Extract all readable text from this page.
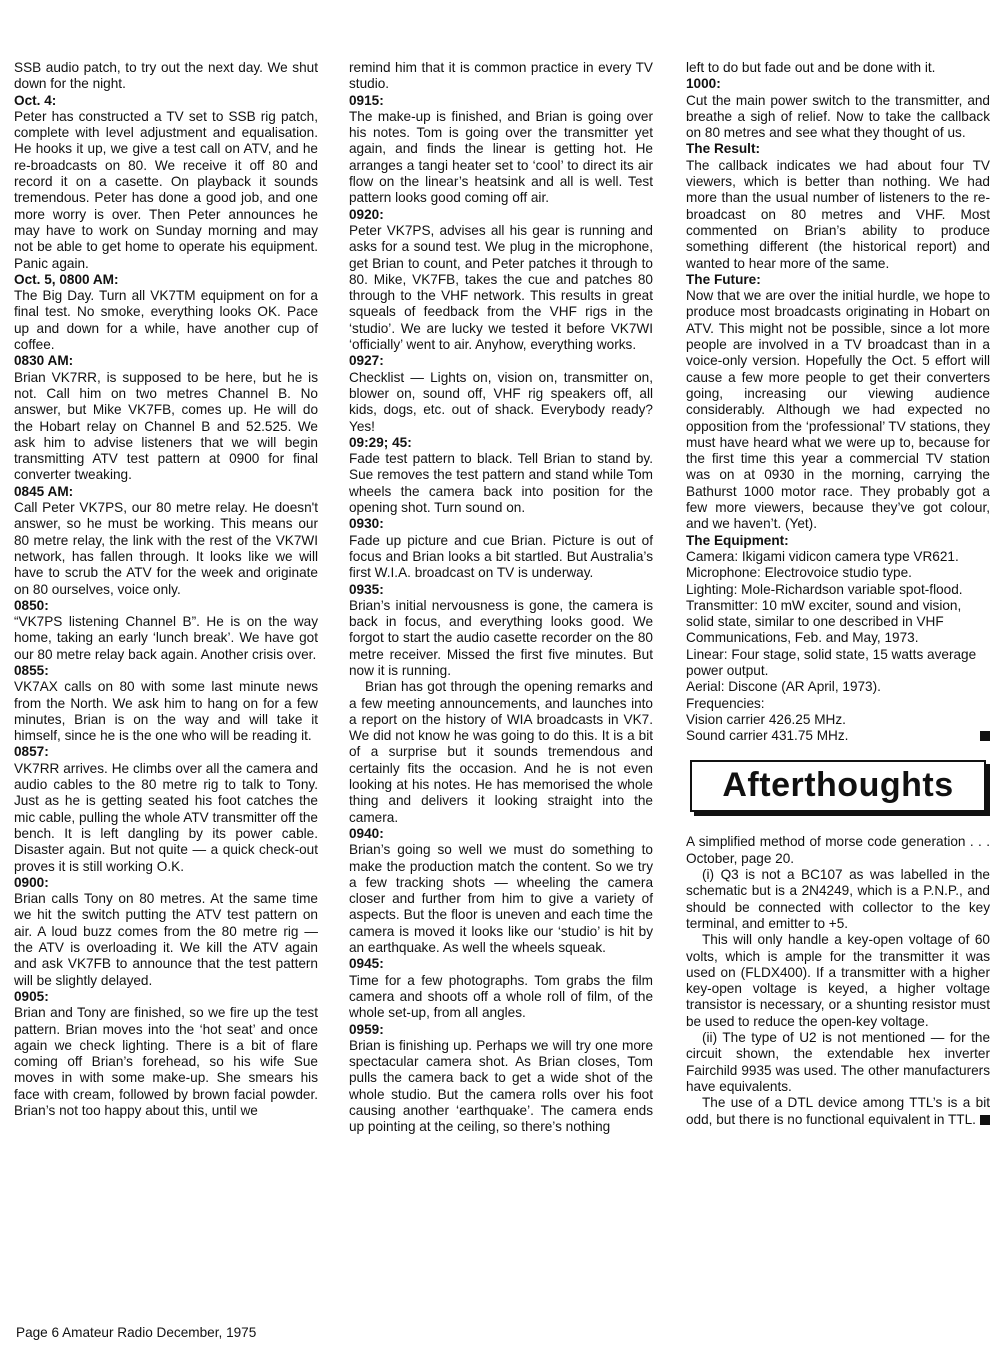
SSB audio patch, to try out the next day. We shut down for the night.

Oct. 4:

Peter has constructed a TV set to SSB rig patch, complete with level adjustment and equalisation. He hooks it up, we give a test call on ATV, and he re-broadcasts on 80. We receive it off 80 and record it on a casette. On playback it sounds tremendous. Peter has done a good job, and one more worry is over. Then Peter announces he may have to work on Sunday morning and may not be able to get home to operate his equipment. Panic again.

Oct. 5, 0800 AM:

The Big Day. Turn all VK7TM equipment on for a final test. No smoke, everything looks OK. Pace up and down for a while, have another cup of coffee.

0830 AM:

Brian VK7RR, is supposed to be here, but he is not. Call him on two metres Channel B. No answer, but Mike VK7FB, comes up. He will do the Hobart relay on Channel B and 52.525. We ask him to advise listeners that we will begin transmitting ATV test pattern at 0900 for final converter tweaking.

0845 AM:

Call Peter VK7PS, our 80 metre relay. He doesn't answer, so he must be working. This means our 80 metre relay, the link with the rest of the VK7WI network, has fallen through. It looks like we will have to scrub the ATV for the week and originate on 80 ourselves, voice only.

0850:

“VK7PS listening Channel B”. He is on the way home, taking an early ‘lunch break’. We have got our 80 metre relay back again. Another crisis over.

0855:

VK7AX calls on 80 with some last minute news from the North. We ask him to hang on for a few minutes, Brian is on the way and will take it himself, since he is the one who will be reading it.

0857:

VK7RR arrives. He climbs over all the camera and audio cables to the 80 metre rig to talk to Tony. Just as he is getting seated his foot catches the mic cable, pulling the whole ATV transmitter off the bench. It is left dangling by its power cable. Disaster again. But not quite — a quick check-out proves it is still working O.K.

0900:

Brian calls Tony on 80 metres. At the same time we hit the switch putting the ATV test pattern on air. A loud buzz comes from the 80 metre rig — the ATV is overloading it. We kill the ATV again and ask VK7FB to announce that the test pattern will be slightly delayed.

0905:

Brian and Tony are finished, so we fire up the test pattern. Brian moves into the ‘hot seat’ and once again we check lighting. There is a bit of flare coming off Brian’s forehead, so his wife Sue moves in with some make-up. She smears his face with cream, followed by brown facial powder. Brian’s not too happy about this, until we

remind him that it is common practice in every TV studio.

0915:

The make-up is finished, and Brian is going over his notes. Tom is going over the transmitter yet again, and finds the linear is getting hot. He arranges a tangi heater set to ‘cool’ to direct its air flow on the linear’s heatsink and all is well. Test pattern looks good coming off air.

0920:

Peter VK7PS, advises all his gear is running and asks for a sound test. We plug in the microphone, get Brian to count, and Peter patches it through to 80. Mike, VK7FB, takes the cue and patches 80 through to the VHF network. This results in great squeals of feedback from the VHF rigs in the ‘studio’. We are lucky we tested it before VK7WI ‘officially’ went to air. Anyhow, everything works.

0927:

Checklist — Lights on, vision on, transmitter on, blower on, sound off, VHF rig speakers off, all kids, dogs, etc. out of shack. Everybody ready? Yes!

09:29; 45:

Fade test pattern to black. Tell Brian to stand by. Sue removes the test pattern and stand while Tom wheels the camera back into position for the opening shot. Turn sound on.

0930:

Fade up picture and cue Brian. Picture is out of focus and Brian looks a bit startled. But Australia’s first W.I.A. broadcast on TV is underway.

0935:

Brian’s initial nervousness is gone, the camera is back in focus, and everything looks good. We forgot to start the audio casette recorder on the 80 metre receiver. Missed the first five minutes. But now it is running.

Brian has got through the opening remarks and a few meeting announcements, and launches into a report on the history of WIA broadcasts in VK7. We did not know he was going to do this. It is a bit of a surprise but it sounds tremendous and certainly fits the occasion. And he is not even looking at his notes. He has memorised the whole thing and delivers it looking straight into the camera.

0940:

Brian’s going so well we must do something to make the production match the content. So we try a few tracking shots — wheeling the camera closer and further from him to give a variety of aspects. But the floor is uneven and each time the camera is moved it looks like our ‘studio’ is hit by an earthquake. As well the wheels squeak.

0945:

Time for a few photographs. Tom grabs the film camera and shoots off a whole roll of film, of the whole set-up, from all angles.

0959:

Brian is finishing up. Perhaps we will try one more spectacular camera shot. As Brian closes, Tom pulls the camera back to get a wide shot of the whole studio. But the camera rolls over his foot causing another ‘earthquake’. The camera ends up pointing at the ceiling, so there’s nothing

left to do but fade out and be done with it.

1000:

Cut the main power switch to the transmitter, and breathe a sigh of relief. Now to take the callback on 80 metres and see what they thought of us.

The Result:

The callback indicates we had about four TV viewers, which is better than nothing. We had more than the usual number of listeners to the re-broadcast on 80 metres and VHF. Most commented on Brian’s ability to produce something different (the historical report) and wanted to hear more of the same.

The Future:

Now that we are over the initial hurdle, we hope to produce most broadcasts originating in Hobart on ATV. This might not be possible, since a lot more people are involved in a TV broadcast than in a voice-only version. Hopefully the Oct. 5 effort will cause a few more people to get their converters going, increasing our viewing audience considerably. Although we had expected no opposition from the ‘professional’ TV stations, they must have heard what we were up to, because for the first time this year a commercial TV station was on at 0930 in the morning, carrying the Bathurst 1000 motor race. They probably got a few more viewers, because they’ve got colour, and we haven’t. (Yet).

The Equipment:

Camera: Ikigami vidicon camera type VR621.

Microphone: Electrovoice studio type.

Lighting: Mole-Richardson variable spot-flood.

Transmitter: 10 mW exciter, sound and vision, solid state, similar to one described in VHF Communications, Feb. and May, 1973.

Linear: Four stage, solid state, 15 watts average power output.

Aerial: Discone (AR April, 1973).

Frequencies:

Vision carrier 426.25 MHz.

Sound carrier 431.75 MHz.

Afterthoughts

A simplified method of morse code generation . . . October, page 20.

(i) Q3 is not a BC107 as was labelled in the schematic but is a 2N4249, which is a P.N.P., and should be connected with collector to the key terminal, and emitter to +5.

This will only handle a key-open voltage of 60 volts, which is ample for the transmitter it was used on (FLDX400). If a transmitter with a higher key-open voltage is keyed, a higher voltage transistor is necessary, or a shunting resistor must be used to reduce the open-key voltage.

(ii) The type of U2 is not mentioned — for the circuit shown, the extendable hex inverter Fairchild 9935 was used. The other manufacturers have equivalents.

The use of a DTL device among TTL’s is a bit odd, but there is no functional equivalent in TTL.

Page 6 Amateur Radio December, 1975
